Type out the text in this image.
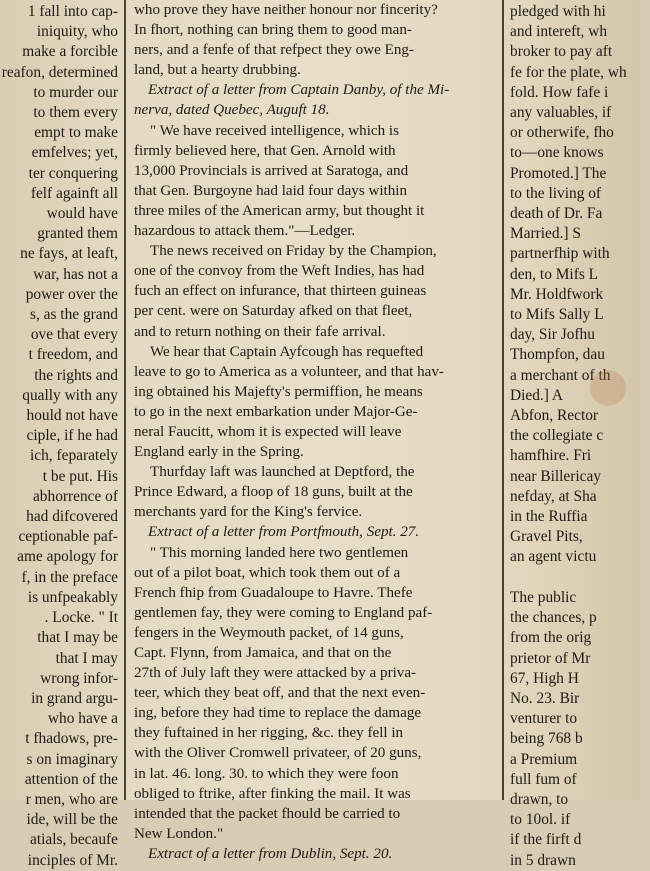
1 fall into cap-
iniquity, who
make a forcible
reafon, determined
to murder our
to them every
empt to make
emfelves; yet,
ter conquering
felf againft all
would have
granted them
ne fays, at leaft,
war, has not a
power over the
s, as the grand
ove that every
t freedom, and
the rights and
qually with any
hould not have
ciple, if he had
ich, feparately
t be put. His
abhorrence of
had difcovered
ceptionable paf-
ame apology for
f, in the preface
is unfpeakably
. Locke. " It
that I may be
that I may
wrong infor-
in grand argu-
who have a
t fhadows, pre-
s on imaginary
attention of the
r men, who are
ide, will be the
atials, becaufe
inciples of Mr.
who prove they have neither honour nor fincerity?
In fhort, nothing can bring them to good man-
ners, and a fenfe of that refpect they owe Eng-
land, but a hearty drubbing.
Extract of a letter from Captain Danby, of the Mi-
nerva, dated Quebec, Auguft 18.
" We have received intelligence, which is
firmly believed here, that Gen. Arnold with
13,000 Provincials is arrived at Saratoga, and
that Gen. Burgoyne had laid four days within
three miles of the American army, but thought it
hazardous to attack them."—Ledger.
The news received on Friday by the Champion,
one of the convoy from the Weft Indies, has had
fuch an effect on infurance, that thirteen guineas
per cent. were on Saturday afked on that fleet,
and to return nothing on their fafe arrival.
We hear that Captain Ayfcough has requefted
leave to go to America as a volunteer, and that hav-
ing obtained his Majefty's permiffion, he means
to go in the next embarkation under Major-Ge-
neral Faucitt, whom it is expected will leave
England early in the Spring.
Thurfday laft was launched at Deptford, the
Prince Edward, a floop of 18 guns, built at the
merchants yard for the King's fervice.
Extract of a letter from Portfmouth, Sept. 27.
" This morning landed here two gentlemen
out of a pilot boat, which took them out of a
French fhip from Guadaloupe to Havre. Thefe
gentlemen fay, they were coming to England paf-
fengers in the Weymouth packet, of 14 guns,
Capt. Flynn, from Jamaica, and that on the
27th of July laft they were attacked by a priva-
teer, which they beat off, and that the next even-
ing, before they had time to replace the damage
they fuftained in her rigging, &c. they fell in
with the Oliver Cromwell privateer, of 20 guns,
in lat. 46. long. 30. to which they were foon
obliged to ftrike, after finking the mail. It was
intended that the packet fhould be carried to
New London."
Extract of a letter from Dublin, Sept. 20.
pledged with hi
and intereft, wh
broker to pay aft
fe for the plate, wh
fold. How fafe i
any valuables, if
or otherwife, fho
to—one knows
Promoted.] The
to the living of
death of Dr. Fa
Married.] S
partnerfhip with
den, to Mifs L
Mr. Holdfwork
to Mifs Sally L
day, Sir Jofhu
Thompfon, dau
a merchant of th
Died.] A
Abfon, Rector
the collegiate c
hamfhire. Fri
near Billericay
nefday, at Sha
in the Ruffia
Gravel Pits,
an agent victu

The public
the chances, p
from the orig
prietor of Mr
67, High H
No. 23. Bir
venturer to
being 768 b
a Premium
full fum of
drawn, to
to 10ol. if
if the firft d
in 5 drawn
